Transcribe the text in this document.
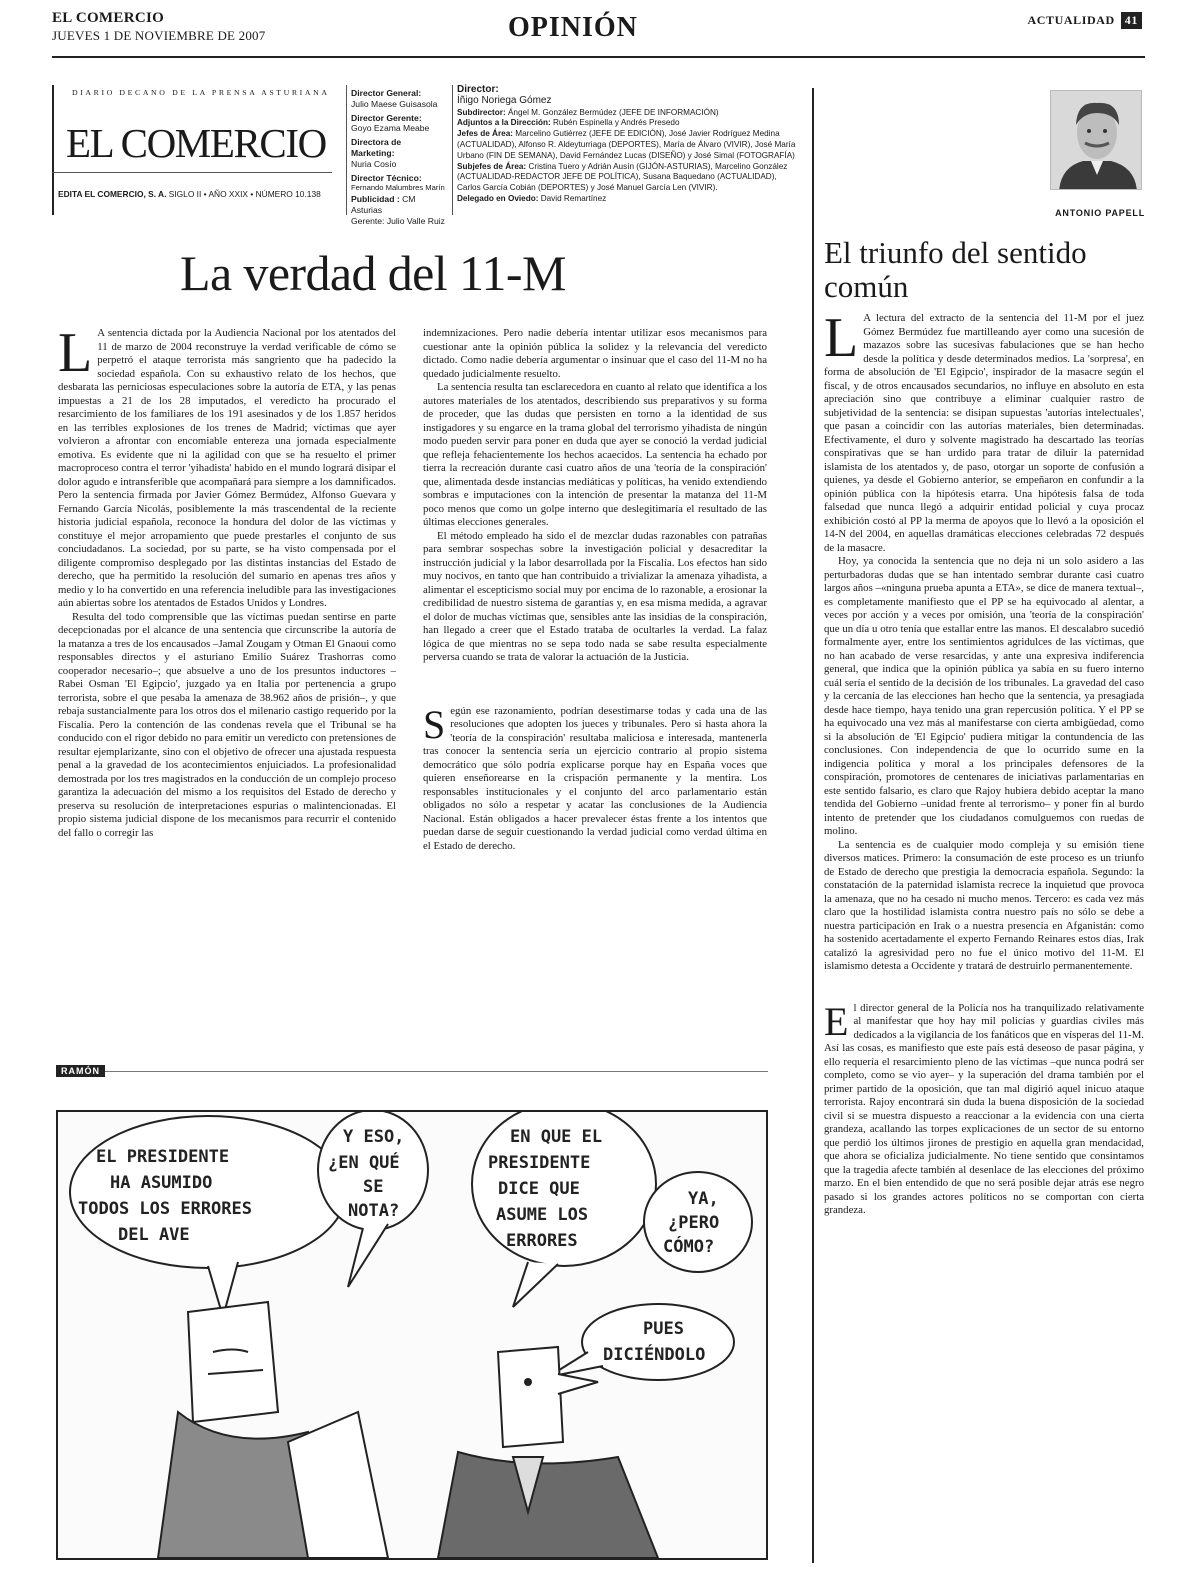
EL COMERCIO
JUEVES 1 DE NOVIEMBRE DE 2007	OPINIÓN	ACTUALIDAD 41
DIARIO DECANO DE LA PRENSA ASTURIANA
EL COMERCIO
EDITA EL COMERCIO, S. A. SIGLO II • AÑO XXIX • NÚMERO 10.138
Director General:
Julio Maese Guisasola
Director Gerente:
Goyo Ezama Meabe
Directora de Marketing:
Nuria Cosío
Director Técnico:
Fernando Malumbres Marín
Publicidad : CM Asturias
Gerente: Julio Valle Ruiz
Director:
Íñigo Noriega Gómez
Subdirector: Ángel M. González Bermúdez (JEFE DE INFORMACIÓN)
Adjuntos a la Dirección: Rubén Espinella y Andrés Presedo
Jefes de Área: Marcelino Gutiérrez (JEFE DE EDICIÓN), José Javier Rodríguez Medina (ACTUALIDAD), Alfonso R. Aldeyturriaga (DEPORTES), María de Álvaro (VIVIR), José María Urbano (FIN DE SEMANA), David Fernández Lucas (DISEÑO) y José Simal (FOTOGRAFÍA) Subjefes de Área: Cristina Tuero y Adrián Ausín (GIJÓN-ASTURIAS), Marcelino González (ACTUALIDAD-REDACTOR JEFE DE POLÍTICA), Susana Baquedano (ACTUALIDAD), Carlos García Cobián (DEPORTES) y José Manuel García Len (VIVIR).
Delegado en Oviedo: David Remartínez
ANTONIO PAPELL
La verdad del 11-M	El triunfo del sentido común

L A sentencia dictada por la Audiencia Nacional por los atentados del 11 de marzo de 2004 reconstruye la verdad verificable de cómo se perpetró el ataque terrorista más sangriento que ha padecido la sociedad española. Con su exhaustivo relato de los hechos, que desbarata las perniciosas especulaciones sobre la autoría de ETA, y las penas impuestas a 21 de los 28 imputados, el veredicto ha procurado el resarcimiento de los familiares de los 191 asesinados y de los 1.857 heridos en las terribles explosiones de los trenes de Madrid; víctimas que ayer volvieron a afrontar con encomiable entereza una jornada especialmente emotiva. Es evidente que ni la agilidad con que se ha resuelto el primer macroproceso contra el terror 'yihadista' habido en el mundo logrará disipar el dolor agudo e intransferible que acompañará para siempre a los damnificados. Pero la sentencia firmada por Javier Gómez Bermúdez, Alfonso Guevara y Fernando García Nicolás, posiblemente la más trascendental de la reciente historia judicial española, reconoce la hondura del dolor de las víctimas y constituye el mejor arropamiento que puede prestarles el conjunto de sus conciudadanos. La sociedad, por su parte, se ha visto compensada por el diligente compromiso desplegado por las distintas instancias del Estado de derecho, que ha permitido la resolución del sumario en apenas tres años y medio y lo ha convertido en una referencia ineludible para las investigaciones aún abiertas sobre los atentados de Estados Unidos y Londres.

Resulta del todo comprensible que las víctimas puedan sentirse en parte decepcionadas por el alcance de una sentencia que circunscribe la autoría de la matanza a tres de los encausados –Jamal Zougam y Otman El Gnaoui como responsables directos y el asturiano Emilio Suárez Trashorras como cooperador necesario–; que absuelve a uno de los presuntos inductores –Rabei Osman 'El Egipcio', juzgado ya en Italia por pertenencia a grupo terrorista, sobre el que pesaba la amenaza de 38.962 años de prisión–, y que rebaja sustancialmente para los otros dos el milenario castigo requerido por la Fiscalía. Pero la contención de las condenas revela que el Tribunal se ha conducido con el rigor debido no para emitir un veredicto con pretensiones de resultar ejemplarizante, sino con el objetivo de ofrecer una ajustada respuesta penal a la gravedad de los acontecimientos enjuiciados. La profesionalidad demostrada por los tres magistrados en la conducción de un complejo proceso garantiza la adecuación del mismo a los requisitos del Estado de derecho y preserva su resolución de interpretaciones espurias o malintencionadas. El propio sistema judicial dispone de los mecanismos para recurrir el contenido del fallo o corregir las

indemnizaciones. Pero nadie debería intentar utilizar esos mecanismos para cuestionar ante la opinión pública la solidez y la relevancia del veredicto dictado. Como nadie debería argumentar o insinuar que el caso del 11-M no ha quedado judicialmente resuelto.

La sentencia resulta tan esclarecedora en cuanto al relato que identifica a los autores materiales de los atentados, describiendo sus preparativos y su forma de proceder, que las dudas que persisten en torno a la identidad de sus instigadores y su engarce en la trama global del terrorismo yihadista de ningún modo pueden servir para poner en duda que ayer se conoció la verdad judicial que refleja fehacientemente los hechos acaecidos. La sentencia ha echado por tierra la recreación durante casi cuatro años de una 'teoría de la conspiración' que, alimentada desde instancias mediáticas y políticas, ha venido extendiendo sombras e imputaciones con la intención de presentar la matanza del 11-M poco menos que como un golpe interno que deslegitimaría el resultado de las últimas elecciones generales.

El método empleado ha sido el de mezclar dudas razonables con patrañas para sembrar sospechas sobre la investigación policial y desacreditar la instrucción judicial y la labor desarrollada por la Fiscalía. Los efectos han sido muy nocivos, en tanto que han contribuido a trivializar la amenaza yihadista, a alimentar el escepticismo social muy por encima de lo razonable, a erosionar la credibilidad de nuestro sistema de garantías y, en esa misma medida, a agravar el dolor de muchas víctimas que, sensibles ante las insidias de la conspiración, han llegado a creer que el Estado trataba de ocultarles la verdad. La falaz lógica de que mientras no se sepa todo nada se sabe resulta especialmente perversa cuando se trata de valorar la actuación de la Justicia.

Según ese razonamiento, podrían desestimarse todas y cada una de las resoluciones que adopten los jueces y tribunales. Pero si hasta ahora la 'teoría de la conspiración' resultaba maliciosa e interesada, mantenerla tras conocer la sentencia sería un ejercicio contrario al propio sistema democrático que sólo podría explicarse porque hay en España voces que quieren enseñorearse en la crispación permanente y la mentira. Los responsables institucionales y el conjunto del arco parlamentario están obligados no sólo a respetar y acatar las conclusiones de la Audiencia Nacional. Están obligados a hacer prevalecer éstas frente a los intentos que puedan darse de seguir cuestionando la verdad judicial como verdad última en el Estado de derecho.

L A lectura del extracto de la sentencia del 11-M por el juez Gómez Bermúdez fue martilleando ayer como una sucesión de mazazos sobre las sucesivas fabulaciones que se han hecho desde la política y desde determinados medios. La 'sorpresa', en forma de absolución de 'El Egipcio', inspirador de la masacre según el fiscal, y de otros encausados secundarios, no influye en absoluto en esta apreciación sino que contribuye a eliminar cualquier rastro de subjetividad de la sentencia: se disipan supuestas 'autorías intelectuales', que pasan a coincidir con las autorías materiales, bien determinadas. Efectivamente, el duro y solvente magistrado ha descartado las teorías conspirativas que se han urdido para tratar de diluir la paternidad islamista de los atentados y, de paso, otorgar un soporte de confusión a quienes, ya desde el Gobierno anterior, se empeñaron en confundir a la opinión pública con la hipótesis etarra. Una hipótesis falsa de toda falsedad que nunca llegó a adquirir entidad policial y cuya procaz exhibición costó al PP la merma de apoyos que lo llevó a la oposición el 14-N del 2004, en aquellas dramáticas elecciones celebradas 72 después de la masacre.

Hoy, ya conocida la sentencia que no deja ni un solo asidero a las perturbadoras dudas que se han intentado sembrar durante casi cuatro largos años –«ninguna prueba apunta a ETA», se dice de manera textual–, es completamente manifiesto que el PP se ha equivocado al alentar, a veces por acción y a veces por omisión, una 'teoría de la conspiración' que un día u otro tenía que estallar entre las manos. El descalabro sucedió formalmente ayer, entre los sentimientos agridulces de las víctimas, que no han acabado de verse resarcidas, y ante una expresiva indiferencia general, que indica que la opinión pública ya sabía en su fuero interno cuál sería el sentido de la decisión de los tribunales. La gravedad del caso y la cercanía de las elecciones han hecho que la sentencia, ya presagiada desde hace tiempo, haya tenido una gran repercusión política. Y el PP se ha equivocado una vez más al manifestarse con cierta ambigüedad, como si la absolución de 'El Egipcio' pudiera mitigar la contundencia de las conclusiones. Con independencia de que lo ocurrido sume en la indigencia política y moral a los principales defensores de la conspiración, promotores de centenares de iniciativas parlamentarias en este sentido falsario, es claro que Rajoy hubiera debido aceptar la mano tendida del Gobierno –unidad frente al terrorismo– y poner fin al burdo intento de pretender que los ciudadanos comulguemos con ruedas de molino.

La sentencia es de cualquier modo compleja y su emisión tiene diversos matices. Primero: la consumación de este proceso es un triunfo de Estado de derecho que prestigia la democracia española. Segundo: la constatación de la paternidad islamista recrece la inquietud que provoca la amenaza, que no ha cesado ni mucho menos. Tercero: es cada vez más claro que la hostilidad islamista contra nuestro país no sólo se debe a nuestra participación en Irak o a nuestra presencia en Afganistán: como ha sostenido acertadamente el experto Fernando Reinares estos días, Irak catalizó la agresividad pero no fue el único motivo del 11-M. El islamismo detesta a Occidente y tratará de destruirlo permanentemente.

El director general de la Policía nos ha tranquilizado relativamente al manifestar que hoy hay mil policías y guardias civiles más dedicados a la vigilancia de los fanáticos que en vísperas del 11-M. Así las cosas, es manifiesto que este país está deseoso de pasar página, y ello requería el resarcimiento pleno de las víctimas –que nunca podrá ser completo, como se vio ayer– y la superación del drama también por el primer partido de la oposición, que tan mal digirió aquel inicuo ataque terrorista. Rajoy encontrará sin duda la buena disposición de la sociedad civil si se muestra dispuesto a reaccionar a la evidencia con una cierta grandeza, acallando las torpes explicaciones de un sector de su entorno que perdió los últimos jirones de prestigio en aquella gran mendacidad, que ahora se oficializa judicialmente. No tiene sentido que consintamos que la tragedia afecte también al desenlace de las elecciones del próximo marzo. En el bien entendido de que no será posible dejar atrás ese negro pasado si los grandes actores políticos no se comportan con cierta grandeza.

RAMÓN
EL PRESIDENTE
HA ASUMIDO
TODOS LOS ERRORES
DEL AVE
Y ESO,
¿EN QUÉ
SE
NOTA?
EN QUE EL
PRESIDENTE
DICE QUE
ASUME LOS
ERRORES
YA,
¿PERO
CÓMO?
PUES
DICIÉNDOLO
